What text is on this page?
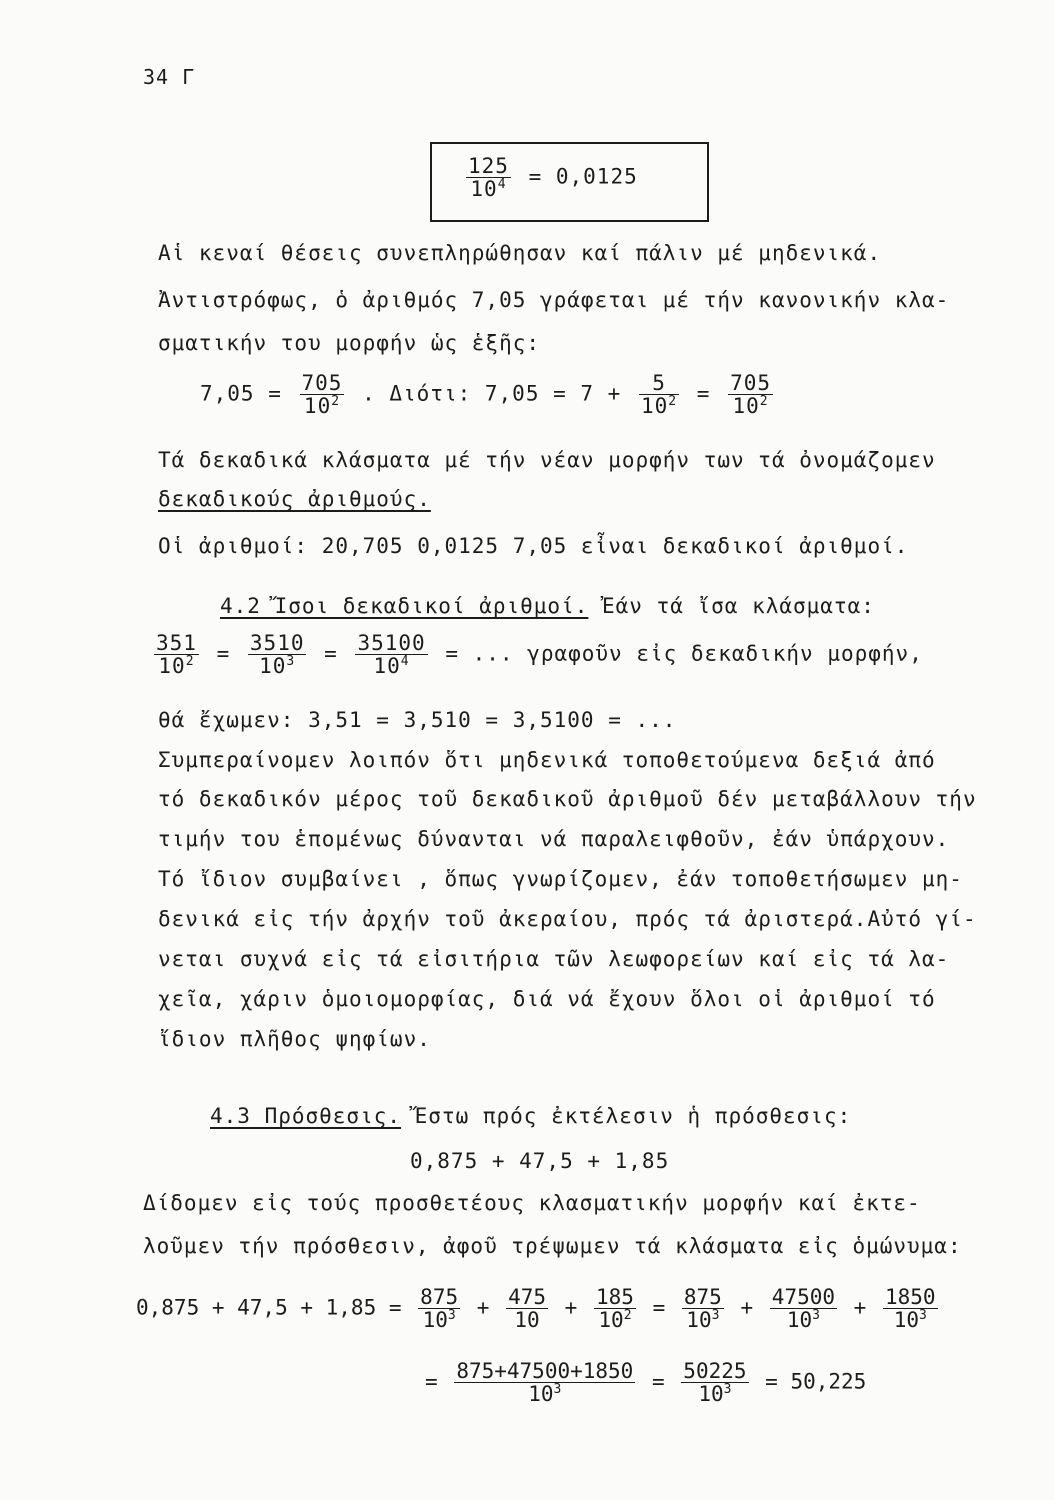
34 Γ
$\frac{125}{10^4} = 0,0125$
Αἱ κεναί θέσεις συνεπληρώθησαν καί πάλιν μέ μηδενικά.
Ἀντιστρόφως, ὁ ἀριθμός 7,05 γράφεται μέ τήν κανονικήν κλα-
σματικήν του μορφήν ὡς ἑξῆς:
$7,05 = \frac{705}{10^2}$ . Διότι: $7,05 = 7 + \frac{5}{10^2} = \frac{705}{10^2}$
Τά δεκαδικά κλάσματα μέ τήν νέαν μορφήν των τά ὀνομάζομεν
δεκαδικούς ἀριθμούς.
Οἱ ἀριθμοί: 20,705 0,0125 7,05 εἶναι δεκαδικοί ἀριθμοί.
4.2 Ἴσοι δεκαδικοί ἀριθμοί. Ἐάν τά ἴσα κλάσματα:
$\frac{351}{10^2} = \frac{3510}{10^3} = \frac{35100}{10^4}$ = ... γραφοῦν εἰς δεκαδικήν μορφήν,
θά ἔχωμεν: 3,51 = 3,510 = 3,5100 = ...
Συμπεραίνομεν λοιπόν ὅτι μηδενικά τοποθετούμενα δεξιά ἀπό
τό δεκαδικόν μέρος τοῦ δεκαδικοῦ ἀριθμοῦ δέν μεταβάλλουν τήν
τιμήν του ἑπομένως δύνανται νά παραλειφθοῦν, ἐάν ὑπάρχουν.
Τό ἴδιον συμβαίνει , ὅπως γνωρίζομεν, ἐάν τοποθετήσωμεν μη-
δενικά εἰς τήν ἀρχήν τοῦ ἀκεραίου, πρός τά ἀριστερά.Αὐτό γί-
νεται συχνά εἰς τά εἰσιτήρια τῶν λεωφορείων καί εἰς τά λα-
χεῖα, χάριν ὁμοιομορφίας, διά νά ἔχουν ὅλοι οἱ ἀριθμοί τό
ἴδιον πλῆθος ψηφίων.
4.3 Πρόσθεσις. Ἔστω πρός ἐκτέλεσιν ἡ πρόσθεσις:
0,875 + 47,5 + 1,85
Δίδομεν εἰς τούς προσθετέους κλασματικήν μορφήν καί ἐκτε-
λοῦμεν τήν πρόσθεσιν, ἀφοῦ τρέψωμεν τά κλάσματα εἰς ὁμώνυμα:
$0,875 + 47,5 + 1,85 = \frac{875}{10^3} + \frac{475}{10} + \frac{185}{10^2} = \frac{875}{10^3} + \frac{47500}{10^3} + \frac{1850}{10^3}$
= $\frac{875+47500+1850}{10^3} = \frac{50225}{10^3} = 50,225$
